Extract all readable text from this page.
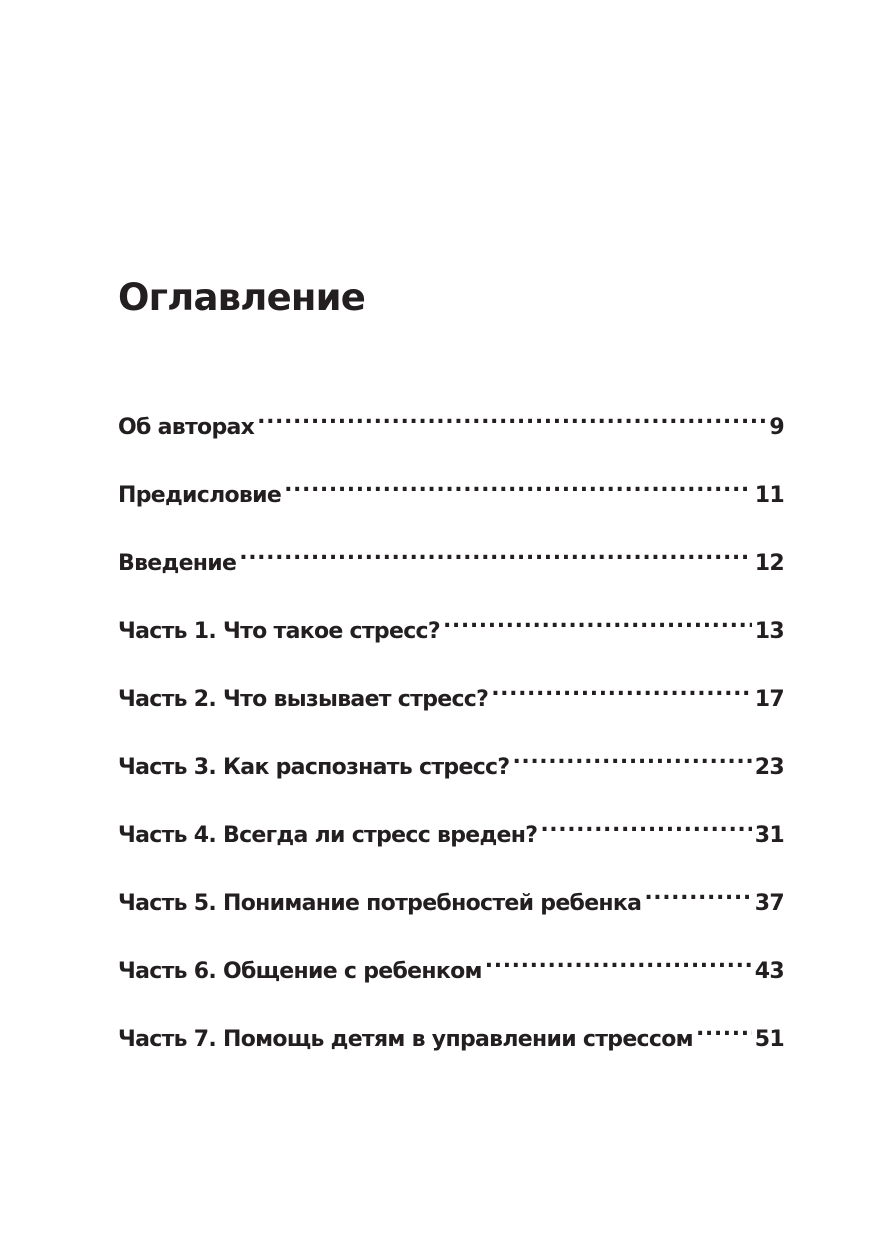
Оглавление
Об авторах .....	9
Предисловие .....	11
Введение .....	12
Часть 1. Что такое стресс? .....	13
Часть 2. Что вызывает стресс? .....	17
Часть 3. Как распознать стресс? .....	23
Часть 4. Всегда ли стресс вреден? .....	31
Часть 5. Понимание потребностей ребенка .....	37
Часть 6. Общение с ребенком .....	43
Часть 7. Помощь детям в управлении стрессом .....	51
